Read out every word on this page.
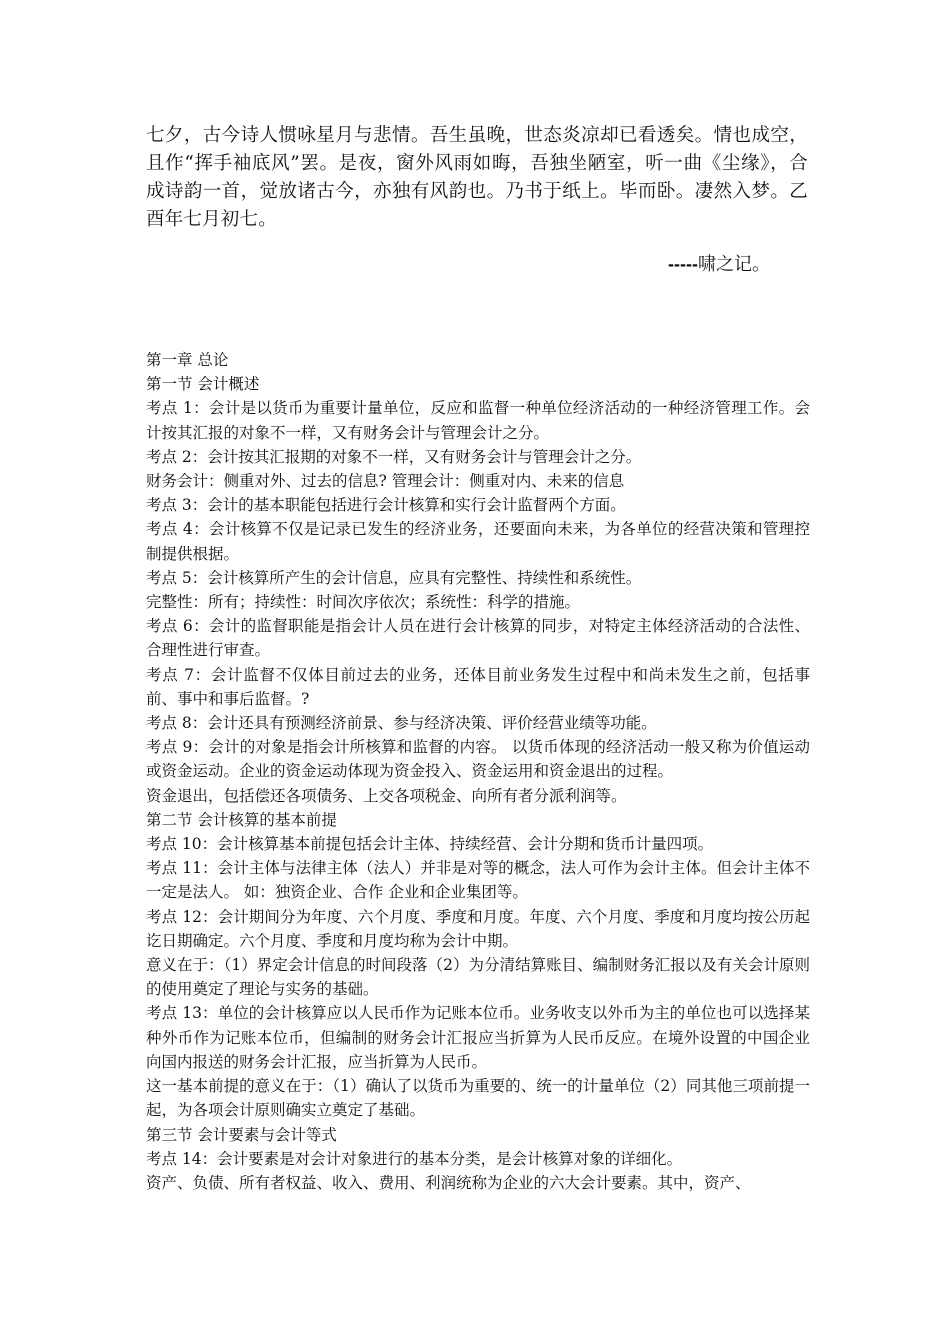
七夕，古今诗人惯咏星月与悲情。吾生虽晚，世态炎凉却已看透矣。情也成空，且作“挥手袖底风”罢。是夜，窗外风雨如晦，吾独坐陋室，听一曲《尘缘》，合成诗韵一首，觉放诸古今，亦独有风韵也。乃书于纸上。毕而卧。凄然入梦。乙酉年七月初七。

-----啸之记。

第一章 总论

第一节 会计概述

考点 1：会计是以货币为重要计量单位，反应和监督一种单位经济活动的一种经济管理工作。会计按其汇报的对象不一样，又有财务会计与管理会计之分。

考点 2：会计按其汇报期的对象不一样，又有财务会计与管理会计之分。

财务会计：侧重对外、过去的信息? 管理会计：侧重对内、未来的信息

考点 3：会计的基本职能包括进行会计核算和实行会计监督两个方面。

考点 4：会计核算不仅是记录已发生的经济业务，还要面向未来，为各单位的经营决策和管理控制提供根据。

考点 5：会计核算所产生的会计信息，应具有完整性、持续性和系统性。

完整性：所有；持续性：时间次序依次；系统性：科学的措施。

考点 6：会计的监督职能是指会计人员在进行会计核算的同步，对特定主体经济活动的合法性、合理性进行审查。

考点 7：会计监督不仅体目前过去的业务，还体目前业务发生过程中和尚未发生之前，包括事前、事中和事后监督。?

考点 8：会计还具有预测经济前景、参与经济决策、评价经营业绩等功能。

考点 9：会计的对象是指会计所核算和监督的内容。 以货币体现的经济活动一般又称为价值运动或资金运动。企业的资金运动体现为资金投入、资金运用和资金退出的过程。

资金退出，包括偿还各项债务、上交各项税金、向所有者分派利润等。

第二节 会计核算的基本前提

考点 10：会计核算基本前提包括会计主体、持续经营、会计分期和货币计量四项。

考点 11：会计主体与法律主体（法人）并非是对等的概念，法人可作为会计主体。但会计主体不一定是法人。 如：独资企业、合作 企业和企业集团等。

考点 12：会计期间分为年度、六个月度、季度和月度。年度、六个月度、季度和月度均按公历起讫日期确定。六个月度、季度和月度均称为会计中期。

意义在于：（1）界定会计信息的时间段落（2）为分清结算账目、编制财务汇报以及有关会计原则的使用奠定了理论与实务的基础。

考点 13：单位的会计核算应以人民币作为记账本位币。业务收支以外币为主的单位也可以选择某种外币作为记账本位币，但编制的财务会计汇报应当折算为人民币反应。在境外设置的中国企业向国内报送的财务会计汇报，应当折算为人民币。

这一基本前提的意义在于：（1）确认了以货币为重要的、统一的计量单位（2）同其他三项前提一起，为各项会计原则确实立奠定了基础。

第三节 会计要素与会计等式

考点 14：会计要素是对会计对象进行的基本分类，是会计核算对象的详细化。

资产、负债、所有者权益、收入、费用、利润统称为企业的六大会计要素。其中，资产、
